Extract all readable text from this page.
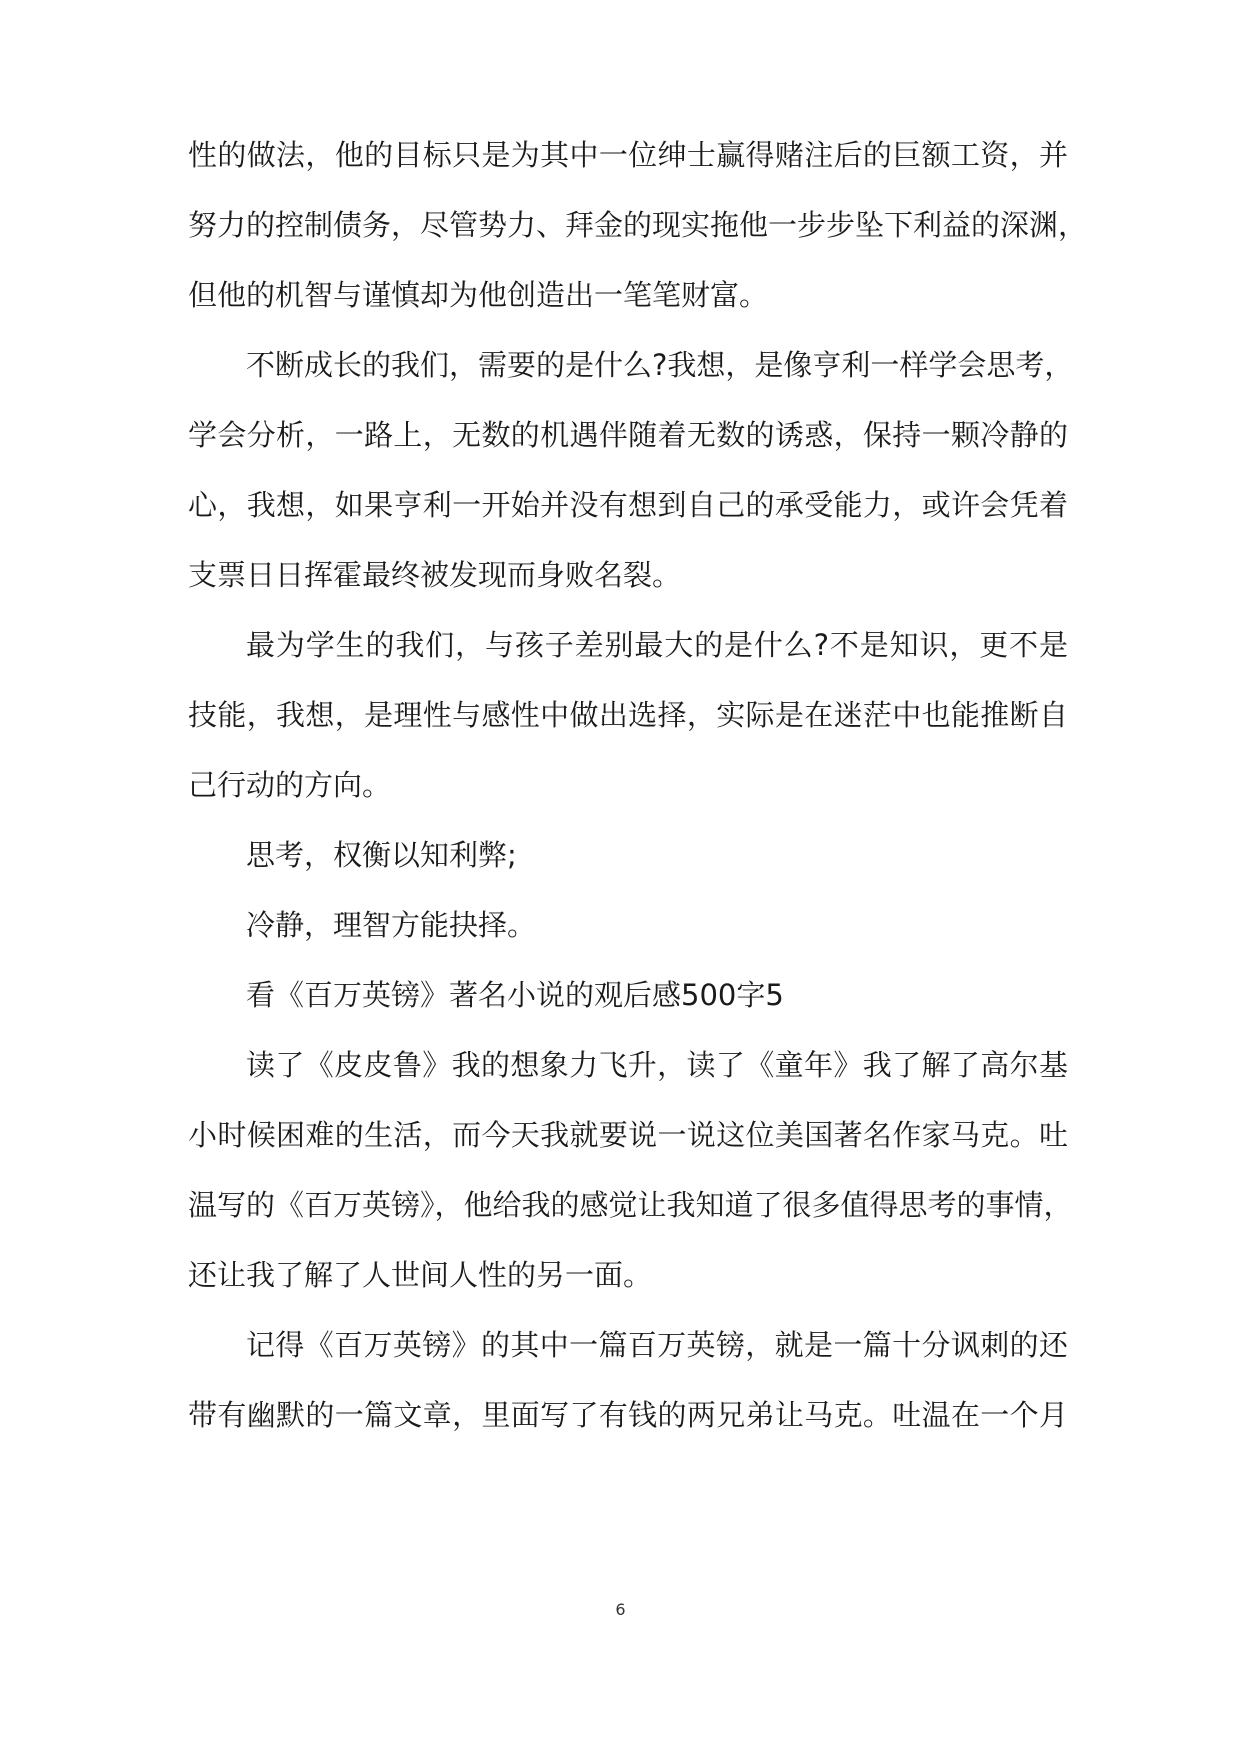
性的做法，他的目标只是为其中一位绅士赢得赌注后的巨额工资，并

努力的控制债务，尽管势力、拜金的现实拖他一步步坠下利益的深渊，

但他的机智与谨慎却为他创造出一笔笔财富。

不断成长的我们，需要的是什么?我想，是像亨利一样学会思考，

学会分析，一路上，无数的机遇伴随着无数的诱惑，保持一颗冷静的

心，我想，如果亨利一开始并没有想到自己的承受能力，或许会凭着

支票日日挥霍最终被发现而身败名裂。

最为学生的我们，与孩子差别最大的是什么?不是知识，更不是

技能，我想，是理性与感性中做出选择，实际是在迷茫中也能推断自

己行动的方向。

思考，权衡以知利弊;

冷静，理智方能抉择。

看《百万英镑》著名小说的观后感500字5

读了《皮皮鲁》我的想象力飞升，读了《童年》我了解了高尔基

小时候困难的生活，而今天我就要说一说这位美国著名作家马克。吐

温写的《百万英镑》，他给我的感觉让我知道了很多值得思考的事情，

还让我了解了人世间人性的另一面。

记得《百万英镑》的其中一篇百万英镑，就是一篇十分讽刺的还

带有幽默的一篇文章，里面写了有钱的两兄弟让马克。吐温在一个月

6
